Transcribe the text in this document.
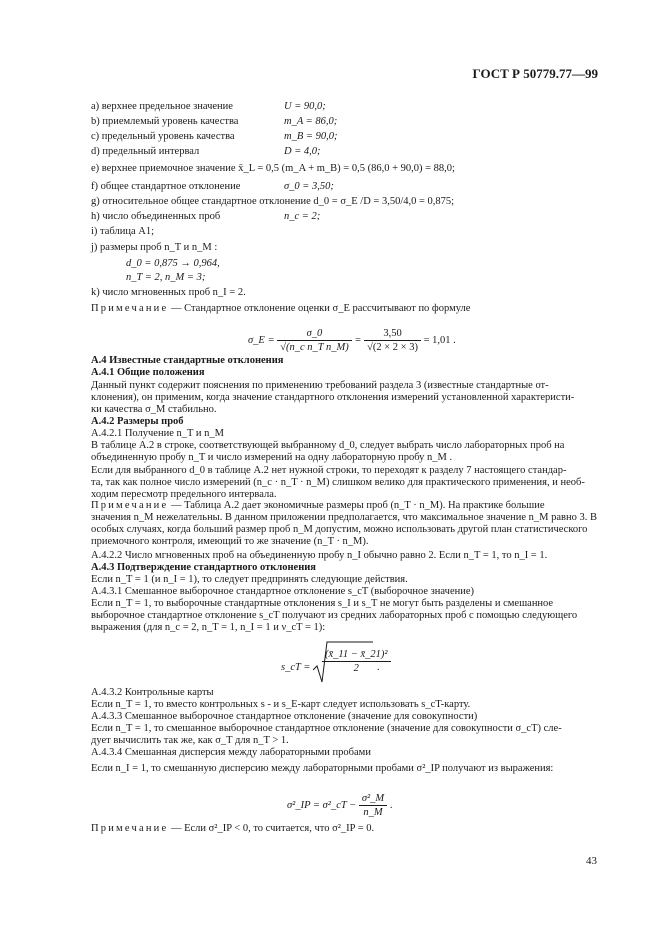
ГОСТ Р 50779.77—99
a) верхнее предельное значение	U = 90,0;
b) приемлемый уровень качества	m_A = 86,0;
c) предельный уровень качества	m_B = 90,0;
d) предельный интервал	D = 4,0;
e) верхнее приемочное значение x̄_L = 0,5 (m_A + m_B) = 0,5 (86,0 + 90,0) = 88,0;
f) общее стандартное отклонение	σ_0 = 3,50;
g) относительное общее стандартное отклонение d_0 = σ_E /D = 3,50/4,0 = 0,875;
h) число объединенных проб	n_c = 2;
i) таблица A1;
j) размеры проб n_T и n_M :
d_0 = 0,875 → 0,964,
n_T = 2, n_M = 3;
k) число мгновенных проб n_I = 2.
Примечание — Стандартное отклонение оценки σ_E рассчитывают по формуле
σ_E = $\frac{\sigma\_0}{\text{√(n\_c n\_T n\_M)}} = \frac{3,50}{√(2 \times 2 \times 3)} = 1,01$ .
A.4 Известные стандартные отклонения
A.4.1 Общие положения
Данный пункт содержит пояснения по применению требований раздела 3 (известные стандартные от-
клонения), он применим, когда значение стандартного отклонения измерений установленной характеристи-
ки качества σ_M стабильно.
A.4.2 Размеры проб
A.4.2.1 Получение n_T и n_M
В таблице A.2 в строке, соответствующей выбранному d_0, следует выбрать число лабораторных проб на
объединенную пробу n_T и число измерений на одну лабораторную пробу n_M .
Если для выбранного d_0 в таблице A.2 нет нужной строки, то переходят к разделу 7 настоящего стандар-
та, так как полное число измерений (n_c · n_T · n_M) слишком велико для практического применения, и необ-
ходим пересмотр предельного интервала.
Примечание — Таблица A.2 дает экономичные размеры проб (n_T · n_M). На практике большие
значения n_M нежелательны. В данном приложении предполагается, что максимальное значение n_M равно 3. В
особых случаях, когда больший размер проб n_M допустим, можно использовать другой план статистического
приемочного контроля, имеющий то же значение (n_T · n_M).
A.4.2.2 Число мгновенных проб на объединенную пробу n_I обычно равно 2. Если n_T = 1, то n_I = 1.
A.4.3 Подтверждение стандартного отклонения
Если n_T = 1 (и n_I = 1), то следует предпринять следующие действия.
A.4.3.1 Смешанное выборочное стандартное отклонение s_cT (выборочное значение)
Если n_T = 1, то выборочные стандартные отклонения s_I и s_T не могут быть разделены и смешанное
выборочное стандартное отклонение s_cT получают из средних лабораторных проб с помощью следующего
выражения (для n_c = 2, n_T = 1, n_I = 1 и ν_cT = 1):
s_cT = $\frac{\text{(x̄\_11 − x̄\_21)²}}{2}$
.
A.4.3.2 Контрольные карты
Если n_T = 1, то вместо контрольных s - и s_E-карт следует использовать s_cT-карту.
A.4.3.3 Смешанное выборочное стандартное отклонение (значение для совокупности)
Если n_T = 1, то смешанное выборочное стандартное отклонение (значение для совокупности σ_cT) сле-
дует вычислить так же, как σ_T для n_T > 1.
A.4.3.4 Смешанная дисперсия между лабораторными пробами
Если n_I = 1, то смешанную дисперсию между лабораторными пробами σ²_IP получают из выражения:
σ²_IP = σ²_cT − $\frac{\text{σ²\_M}}{n\_M}$ .
Примечание — Если σ²_IP < 0, то считается, что σ²_IP = 0.
43
